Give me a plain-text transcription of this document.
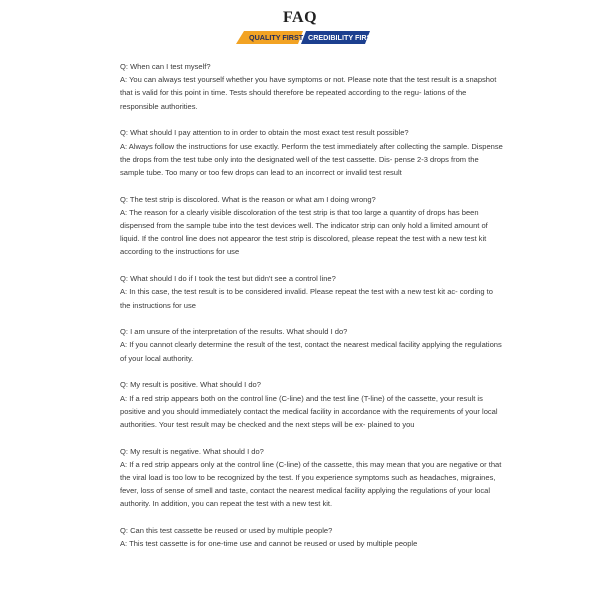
FAQ
QUALITY FIRST CREDIBILITY FIRST
Q: When can I test myself?
A: You can always test yourself whether you have symptoms or not. Please note that the test result is a snapshot that is valid for this point in time. Tests should therefore be repeated according to the regu- lations of the responsible authorities.
Q: What should I pay attention to in order to obtain the most exact test result possible?
A: Always follow the instructions for use exactly. Perform the test immediately after collecting the sample. Dispense the drops from the test tube only into the designated well of the test cassette. Dis- pense 2-3 drops from the sample tube. Too many or too few drops can lead to an incorrect or invalid test result
Q: The test strip is discolored. What is the reason or what am I doing wrong?
A: The reason for a clearly visible discoloration of the test strip is that too large a quantity of drops has been dispensed from the sample tube into the test devices well. The indicator strip can only hold a limited amount of liquid. If the control line does not appearor the test strip is discolored, please repeat the test with a new test kit according to the instructions for use
Q: What should I do if I took the test but didn't see a control line?
A: In this case, the test result is to be considered invalid. Please repeat the test with a new test kit ac- cording to the instructions for use
Q: I am unsure of the interpretation of the results. What should I do?
A: If you cannot clearly determine the result of the test, contact the nearest medical facility applying the regulations of your local authority.
Q: My result is positive. What should I do?
A: If a red strip appears both on the control line (C-line) and the test line (T-line) of the cassette, your result is positive and you should immediately contact the medical facility in accordance with the requirements of your local authorities. Your test result may be checked and the next steps will be ex- plained to you
Q: My result is negative. What should I do?
A: If a red strip appears only at the control line (C-line) of the cassette, this may mean that you are negative or that the viral load is too low to be recognized by the test. If you experience symptoms such as headaches, migraines, fever, loss of sense of smell and taste, contact the nearest medical facility applying the regulations of your local authority. In addition, you can repeat the test with a new test kit.
Q: Can this test cassette be reused or used by multiple people?
A: This test cassette is for one-time use and cannot be reused or used by multiple people
